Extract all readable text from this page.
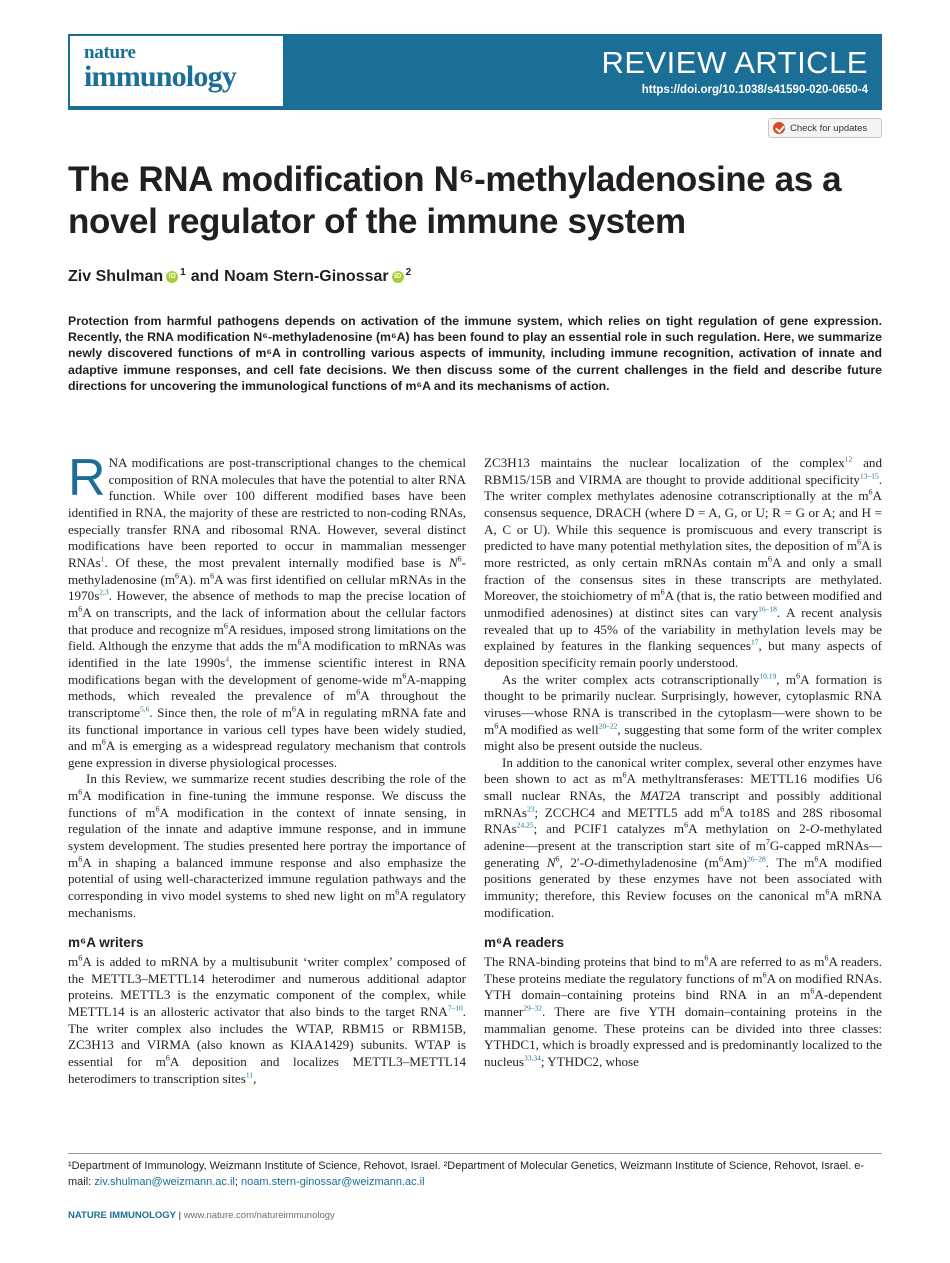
nature
immunology	REVIEW ARTICLE
https://doi.org/10.1038/s41590-020-0650-4
Check for updates
The RNA modification N⁶-methyladenosine as a novel regulator of the immune system
Ziv Shulman iD 1 and Noam Stern-Ginossar iD 2
Protection from harmful pathogens depends on activation of the immune system, which relies on tight regulation of gene expression. Recently, the RNA modification N⁶-methyladenosine (m⁶A) has been found to play an essential role in such regulation. Here, we summarize newly discovered functions of m⁶A in controlling various aspects of immunity, including immune recognition, activation of innate and adaptive immune responses, and cell fate decisions. We then discuss some of the current challenges in the field and describe future directions for uncovering the immunological functions of m⁶A and its mechanisms of action.

RNA modifications are post-transcriptional changes to the chemical composition of RNA molecules that have the potential to alter RNA function. While over 100 different modified bases have been identified in RNA, the majority of these are restricted to non-coding RNAs, especially transfer RNA and ribosomal RNA. However, several distinct modifications have been reported to occur in mammalian messenger RNAs$^1$. Of these, the most prevalent internally modified base is $N^6$-methyladenosine $(m^6A)$. $m^6A$ was first identified on cellular mRNAs in the 1970s$^{2,3}$. However, the absence of methods to map the precise location of $m^6A$ on transcripts, and the lack of information about the cellular factors that produce and recognize $m^6A$ residues, imposed strong limitations on the field. Although the enzyme that adds the $m^6A$ modification to mRNAs was identified in the late 1990s$^4$, the immense scientific interest in RNA modifications began with the development of genome-wide $m^6A$-mapping methods, which revealed the prevalence of $m^6A$ throughout the transcriptome$^{5,6}$. Since then, the role of $m^6A$ in regulating mRNA fate and its functional importance in various cell types have been widely studied, and $m^6A$ is emerging as a widespread regulatory mechanism that controls gene expression in diverse physiological processes.

In this Review, we summarize recent studies describing the role of the $m^6A$ modification in fine-tuning the immune response. We discuss the functions of $m^6A$ modification in the context of innate sensing, in regulation of the innate and adaptive immune response, and in immune system development. The studies presented here portray the importance of $m^6A$ in shaping a balanced immune response and also emphasize the potential of using well-characterized immune regulation pathways and the corresponding in vivo model systems to shed new light on $m^6A$ regulatory mechanisms.

m⁶A writers

$m^6A$ is added to mRNA by a multisubunit ‘writer complex’ composed of the METTL3–METTL14 heterodimer and numerous additional adaptor proteins. METTL3 is the enzymatic component of the complex, while METTL14 is an allosteric activator that also binds to the target RNA$^{7-10}$. The writer complex also includes the WTAP, RBM15 or RBM15B, ZC3H13 and VIRMA (also known as KIAA1429) subunits. WTAP is essential for $m^6A$ deposition and localizes METTL3–METTL14 heterodimers to transcription sites$^{11}$,

ZC3H13 maintains the nuclear localization of the complex$^{12}$ and RBM15/15B and VIRMA are thought to provide additional specificity$^{13-15}$. The writer complex methylates adenosine cotranscriptionally at the $m^6A$ consensus sequence, DRACH (where D = A, G, or U; R = G or A; and H = A, C or U). While this sequence is promiscuous and every transcript is predicted to have many potential methylation sites, the deposition of $m^6A$ is more restricted, as only certain mRNAs contain $m^6A$ and only a small fraction of the consensus sites in these transcripts are methylated. Moreover, the stoichiometry of $m^6A$ (that is, the ratio between modified and unmodified adenosines) at distinct sites can vary$^{16-18}$. A recent analysis revealed that up to 45% of the variability in methylation levels may be explained by features in the flanking sequences$^{17}$, but many aspects of deposition specificity remain poorly understood.

As the writer complex acts cotranscriptionally$^{10,19}$, $m^6A$ formation is thought to be primarily nuclear. Surprisingly, however, cytoplasmic RNA viruses—whose RNA is transcribed in the cytoplasm—were shown to be $m^6A$ modified as well$^{20-22}$, suggesting that some form of the writer complex might also be present outside the nucleus.

In addition to the canonical writer complex, several other enzymes have been shown to act as $m^6A$ methyltransferases: METTL16 modifies U6 small nuclear RNAs, the MAT2A transcript and possibly additional mRNAs$^{23}$; ZCCHC4 and METTL5 add $m^6A$ to18S and 28S ribosomal RNAs$^{24,25}$; and PCIF1 catalyzes $m^6A$ methylation on 2-O-methylated adenine—present at the transcription start site of $m^7G$-capped mRNAs—generating $N^6$, 2′-O-dimethyladenosine $(m^6Am)^{26-28}$. The $m^6A$ modified positions generated by these enzymes have not been associated with immunity; therefore, this Review focuses on the canonical $m^6A$ mRNA modification.

m⁶A readers

The RNA-binding proteins that bind to $m^6A$ are referred to as $m^6A$ readers. These proteins mediate the regulatory functions of $m^6A$ on modified RNAs. YTH domain–containing proteins bind RNA in an $m^6A$-dependent manner$^{29-32}$. There are five YTH domain–containing proteins in the mammalian genome. These proteins can be divided into three classes: YTHDC1, which is broadly expressed and is predominantly localized to the nucleus$^{33,34}$; YTHDC2, whose

¹Department of Immunology, Weizmann Institute of Science, Rehovot, Israel. ²Department of Molecular Genetics, Weizmann Institute of Science, Rehovot, Israel. e-mail: ziv.shulman@weizmann.ac.il; noam.stern-ginossar@weizmann.ac.il
NATURE IMMUNOLOGY | www.nature.com/natureimmunology
